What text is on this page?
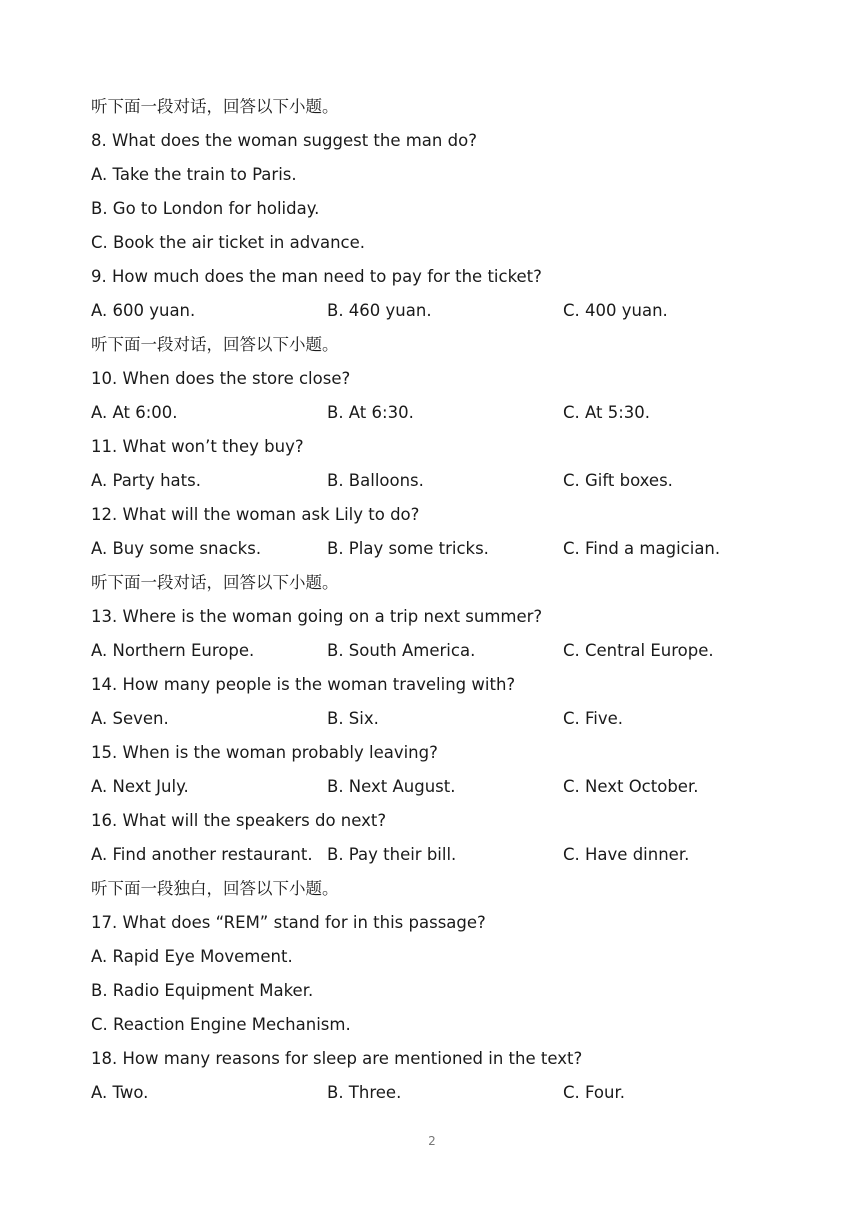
听下面一段对话，回答以下小题。
8. What does the woman suggest the man do?
A. Take the train to Paris.
B. Go to London for holiday.
C. Book the air ticket in advance.
9. How much does the man need to pay for the ticket?
A. 600 yuan.	B. 460 yuan.	C. 400 yuan.
听下面一段对话，回答以下小题。
10. When does the store close?
A. At 6:00.	B. At 6:30.	C. At 5:30.
11. What won’t they buy?
A. Party hats.	B. Balloons.	C. Gift boxes.
12. What will the woman ask Lily to do?
A. Buy some snacks.	B. Play some tricks.	C. Find a magician.
听下面一段对话，回答以下小题。
13. Where is the woman going on a trip next summer?
A. Northern Europe.	B. South America.	C. Central Europe.
14. How many people is the woman traveling with?
A. Seven.	B. Six.	C. Five.
15. When is the woman probably leaving?
A. Next July.	B. Next August.	C. Next October.
16. What will the speakers do next?
A. Find another restaurant. B. Pay their bill.	C. Have dinner.
听下面一段独白，回答以下小题。
17. What does “REM” stand for in this passage?
A. Rapid Eye Movement.
B. Radio Equipment Maker.
C. Reaction Engine Mechanism.
18. How many reasons for sleep are mentioned in the text?
A. Two.	B. Three.	C. Four.
2
